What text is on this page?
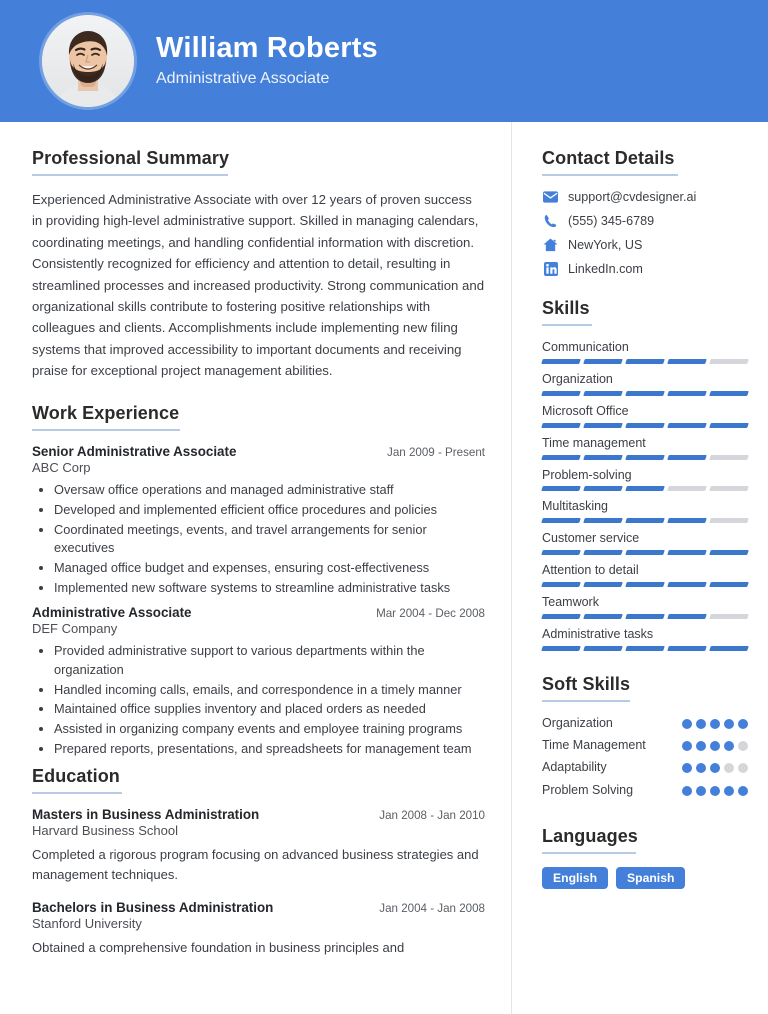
William Roberts
Administrative Associate
Professional Summary

Experienced Administrative Associate with over 12 years of proven success in providing high-level administrative support. Skilled in managing calendars, coordinating meetings, and handling confidential information with discretion. Consistently recognized for efficiency and attention to detail, resulting in streamlined processes and increased productivity. Strong communication and organizational skills contribute to fostering positive relationships with colleagues and clients. Accomplishments include implementing new filing systems that improved accessibility to important documents and receiving praise for exceptional project management abilities.

Work Experience
Senior Administrative Associate	Jan 2009 - Present
ABC Corp
• Oversaw office operations and managed administrative staff
• Developed and implemented efficient office procedures and policies
• Coordinated meetings, events, and travel arrangements for senior executives
• Managed office budget and expenses, ensuring cost-effectiveness
• Implemented new software systems to streamline administrative tasks
Administrative Associate	Mar 2004 - Dec 2008
DEF Company
• Provided administrative support to various departments within the organization
• Handled incoming calls, emails, and correspondence in a timely manner
• Maintained office supplies inventory and placed orders as needed
• Assisted in organizing company events and employee training programs
• Prepared reports, presentations, and spreadsheets for management team
Education
Masters in Business Administration	Jan 2008 - Jan 2010
Harvard Business School
Completed a rigorous program focusing on advanced business strategies and management techniques.
Bachelors in Business Administration	Jan 2004 - Jan 2008
Stanford University
Obtained a comprehensive foundation in business principles and
Contact Details
support@cvdesigner.ai
(555) 345-6789
NewYork, US
LinkedIn.com
Skills
Communication
Organization
Microsoft Office
Time management
Problem-solving
Multitasking
Customer service
Attention to detail
Teamwork
Administrative tasks
Soft Skills
Organization
Time Management
Adaptability
Problem Solving
Languages
English	Spanish
